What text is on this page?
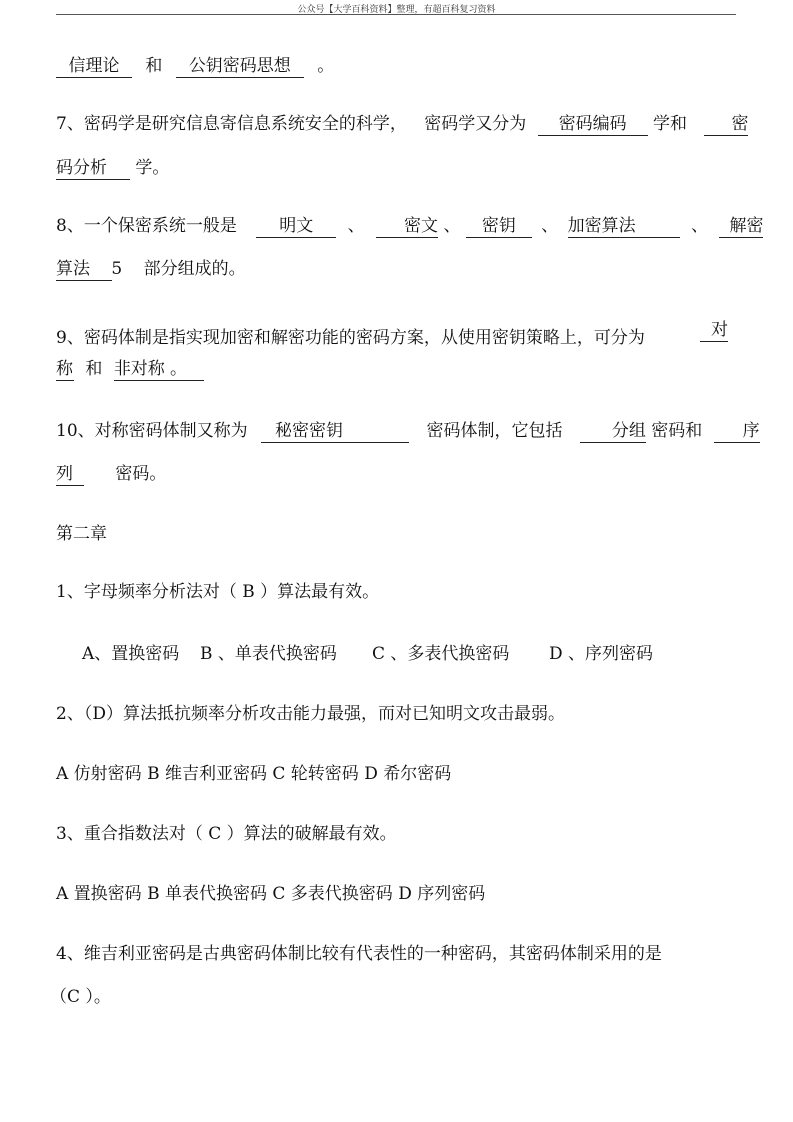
公众号【大学百科资料】整理，有超百科复习资料
信理论 和 公钥密码思想 。
7、密码学是研究信息寄信息系统安全的科学， 密码学又分为 密码编码 学和	密
码分析 学。
8、一个保密系统一般是 明文 、 密文 、 密钥 、 加密算法	、 解密
算法 5 部分组成的。
9、密码体制是指实现加密和解密功能的密码方案，从使用密钥策略上，可分为	对
称 和 非对称 。
10、对称密码体制又称为 秘密密钥	密码体制，它包括	分组 密码和 序
列 密码。
第二章
1、字母频率分析法对（ B ）算法最有效。
A、置换密码 B 、单表代换密码 C 、多表代换密码 D 、序列密码
2、（D）算法抵抗频率分析攻击能力最强，而对已知明文攻击最弱。
A 仿射密码 B 维吉利亚密码 C 轮转密码 D 希尔密码
3、重合指数法对（ C ）算法的破解最有效。
A 置换密码 B 单表代换密码 C 多表代换密码 D 序列密码
4、维吉利亚密码是古典密码体制比较有代表性的一种密码，其密码体制采用的是
（C ）。
